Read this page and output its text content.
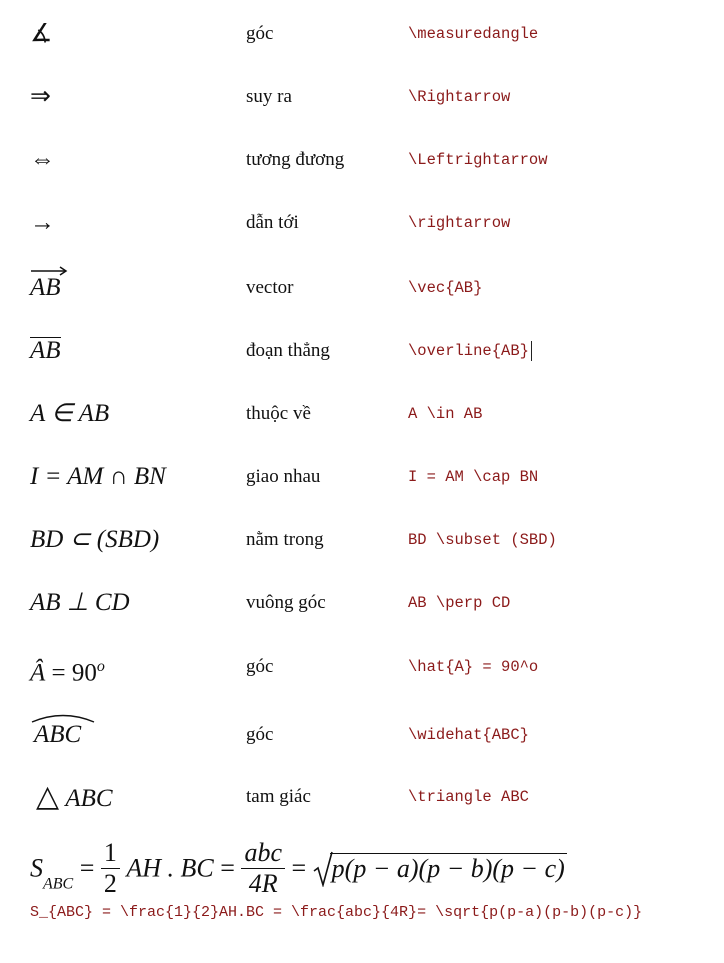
∡	góc	\measuredangle
⇒	suy ra	\Rightarrow
⇔	tương đương	\Leftrightarrow
→	dẫn tới	\rightarrow
AB	vector	\vec{AB}
AB	đoạn thẳng	\overline{AB}
A ∈ AB	thuộc về	A \in AB
I = AM ∩ BN	giao nhau	I = AM \cap BN
BD ⊂ (SBD)	nằm trong	BD \subset (SBD)
AB ⊥ CD	vuông góc	AB \perp CD
Â = $90^o$	góc	\hat{A} = 90^o
ABC	góc	\widehat{ABC}
△ ABC	tam giác	\triangle ABC
$S_{ABC} = \frac{1}{2}$ AH . BC = $\frac{\text{abc}}{4R} = p(p - a)(p - b)(p - c)$
S_{ABC} = \frac{1}{2}AH.BC = \frac{abc}{4R}= \sqrt{p(p-a)(p-b)(p-c)}
